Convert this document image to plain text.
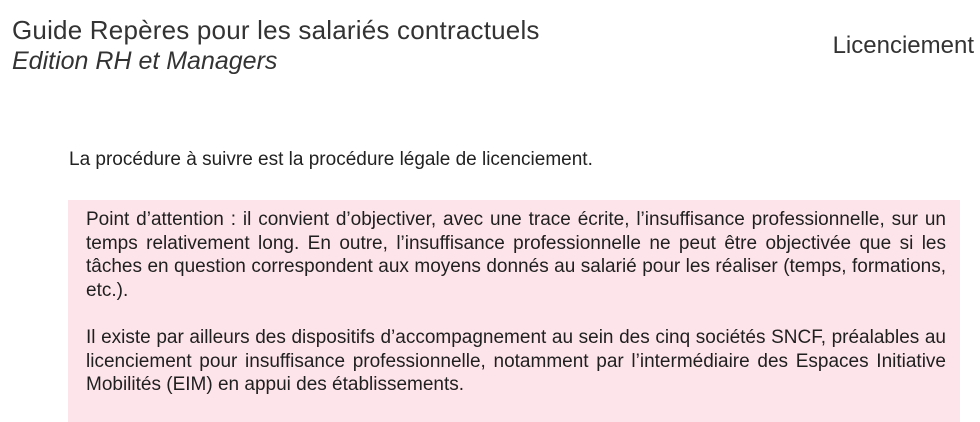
Guide Repères pour les salariés contractuels
Edition RH et Managers
Licenciement
La procédure à suivre est la procédure légale de licenciement.

Point d’attention : il convient d’objectiver, avec une trace écrite, l’insuffisance professionnelle, sur un temps relativement long. En outre, l’insuffisance professionnelle ne peut être objectivée que si les tâches en question correspondent aux moyens donnés au salarié pour les réaliser (temps, formations, etc.).

Il existe par ailleurs des dispositifs d’accompagnement au sein des cinq sociétés SNCF, préalables au licenciement pour insuffisance professionnelle, notamment par l’intermédiaire des Espaces Initiative Mobilités (EIM) en appui des établissements.
